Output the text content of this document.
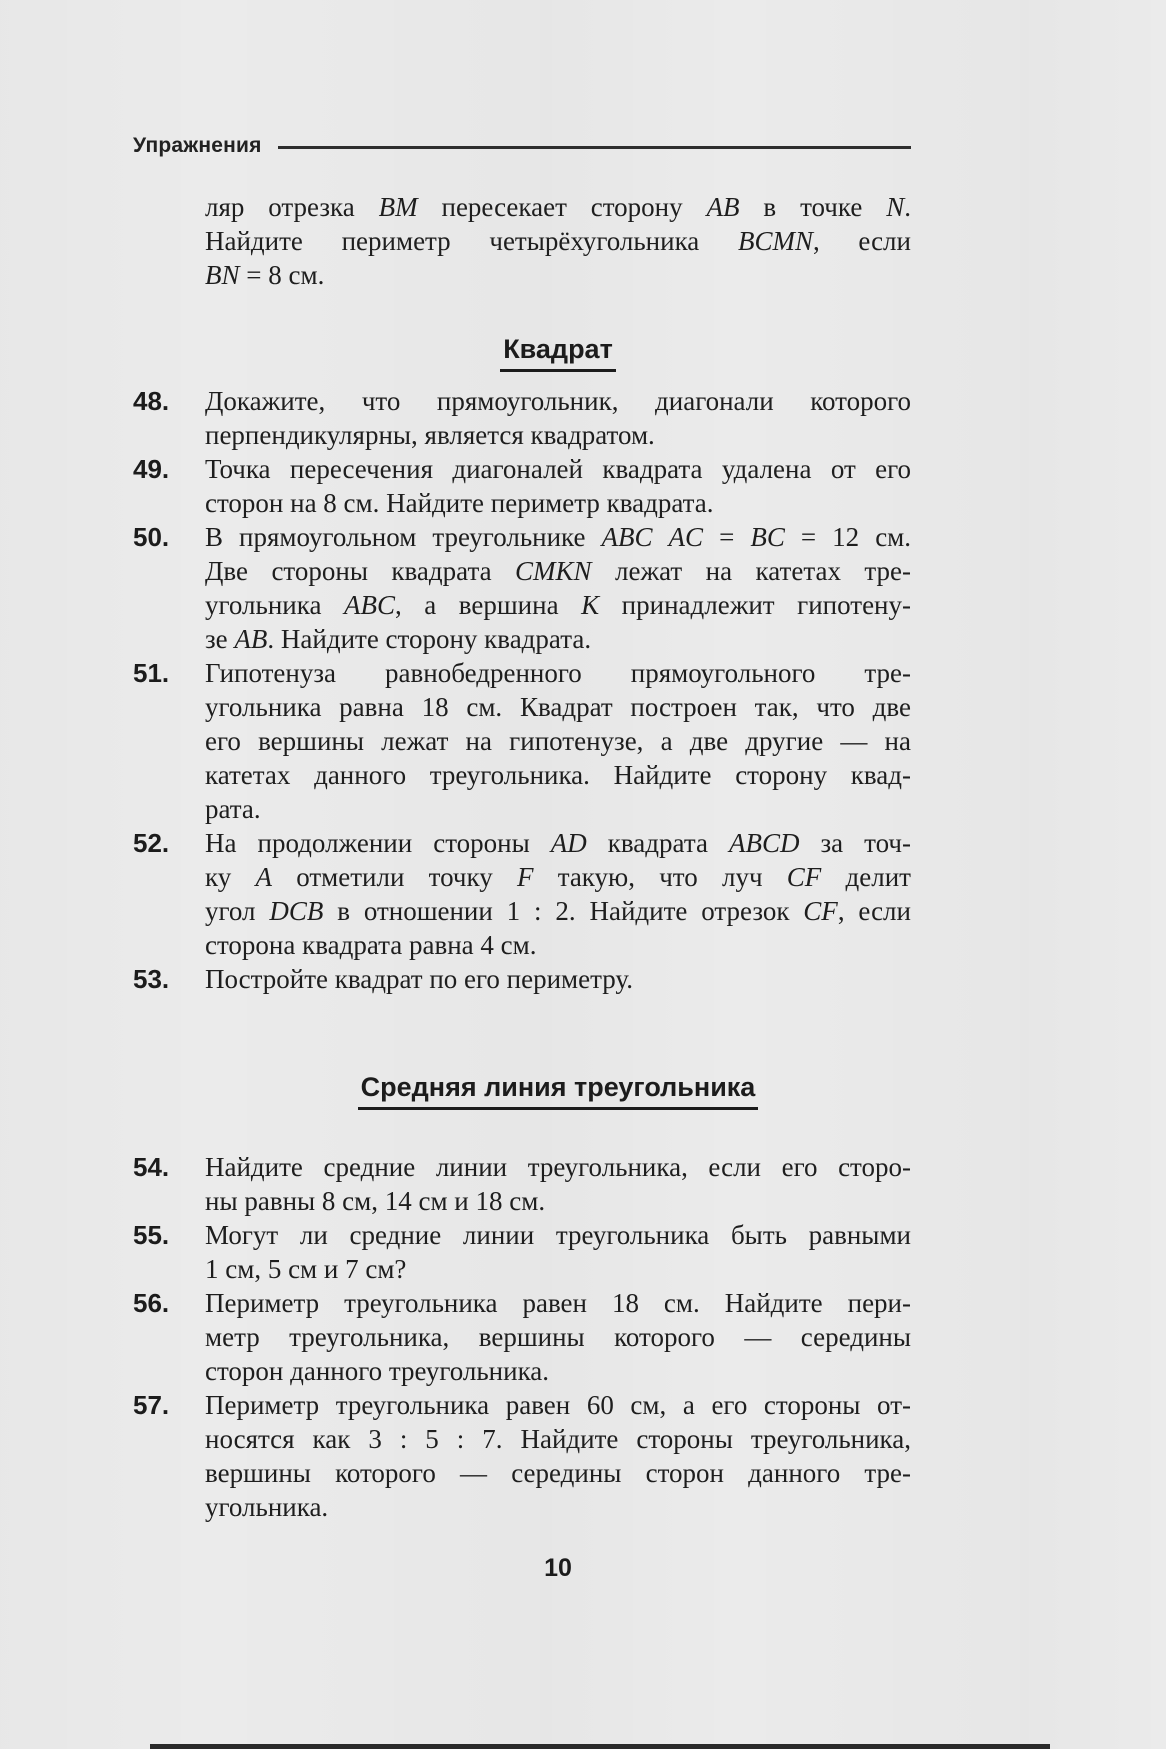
Упражнения
ляр отрезка BM пересекает сторону AB в точке N.
Найдите периметр четырёхугольника BCMN, если
BN = 8 см.
Квадрат
48.	Докажите, что прямоугольник, диагонали которого
перпендикулярны, является квадратом.
49.	Точка пересечения диагоналей квадрата удалена от его
сторон на 8 см. Найдите периметр квадрата.
50.	В прямоугольном треугольнике ABC AC = BC = 12 см.
Две стороны квадрата CMKN лежат на катетах тре-
угольника ABC, а вершина K принадлежит гипотену-
зе AB. Найдите сторону квадрата.
51.	Гипотенуза равнобедренного прямоугольного тре-
угольника равна 18 см. Квадрат построен так, что две
его вершины лежат на гипотенузе, а две другие — на
катетах данного треугольника. Найдите сторону квад-
рата.
52.	На продолжении стороны AD квадрата ABCD за точ-
ку A отметили точку F такую, что луч CF делит
угол DCB в отношении 1 : 2. Найдите отрезок CF, если
сторона квадрата равна 4 см.
53.	Постройте квадрат по его периметру.
Средняя линия треугольника
54.	Найдите средние линии треугольника, если его сторо-
ны равны 8 см, 14 см и 18 см.
55.	Могут ли средние линии треугольника быть равными
1 см, 5 см и 7 см?
56.	Периметр треугольника равен 18 см. Найдите пери-
метр треугольника, вершины которого — середины
сторон данного треугольника.
57.	Периметр треугольника равен 60 см, а его стороны от-
носятся как 3 : 5 : 7. Найдите стороны треугольника,
вершины которого — середины сторон данного тре-
угольника.
10
